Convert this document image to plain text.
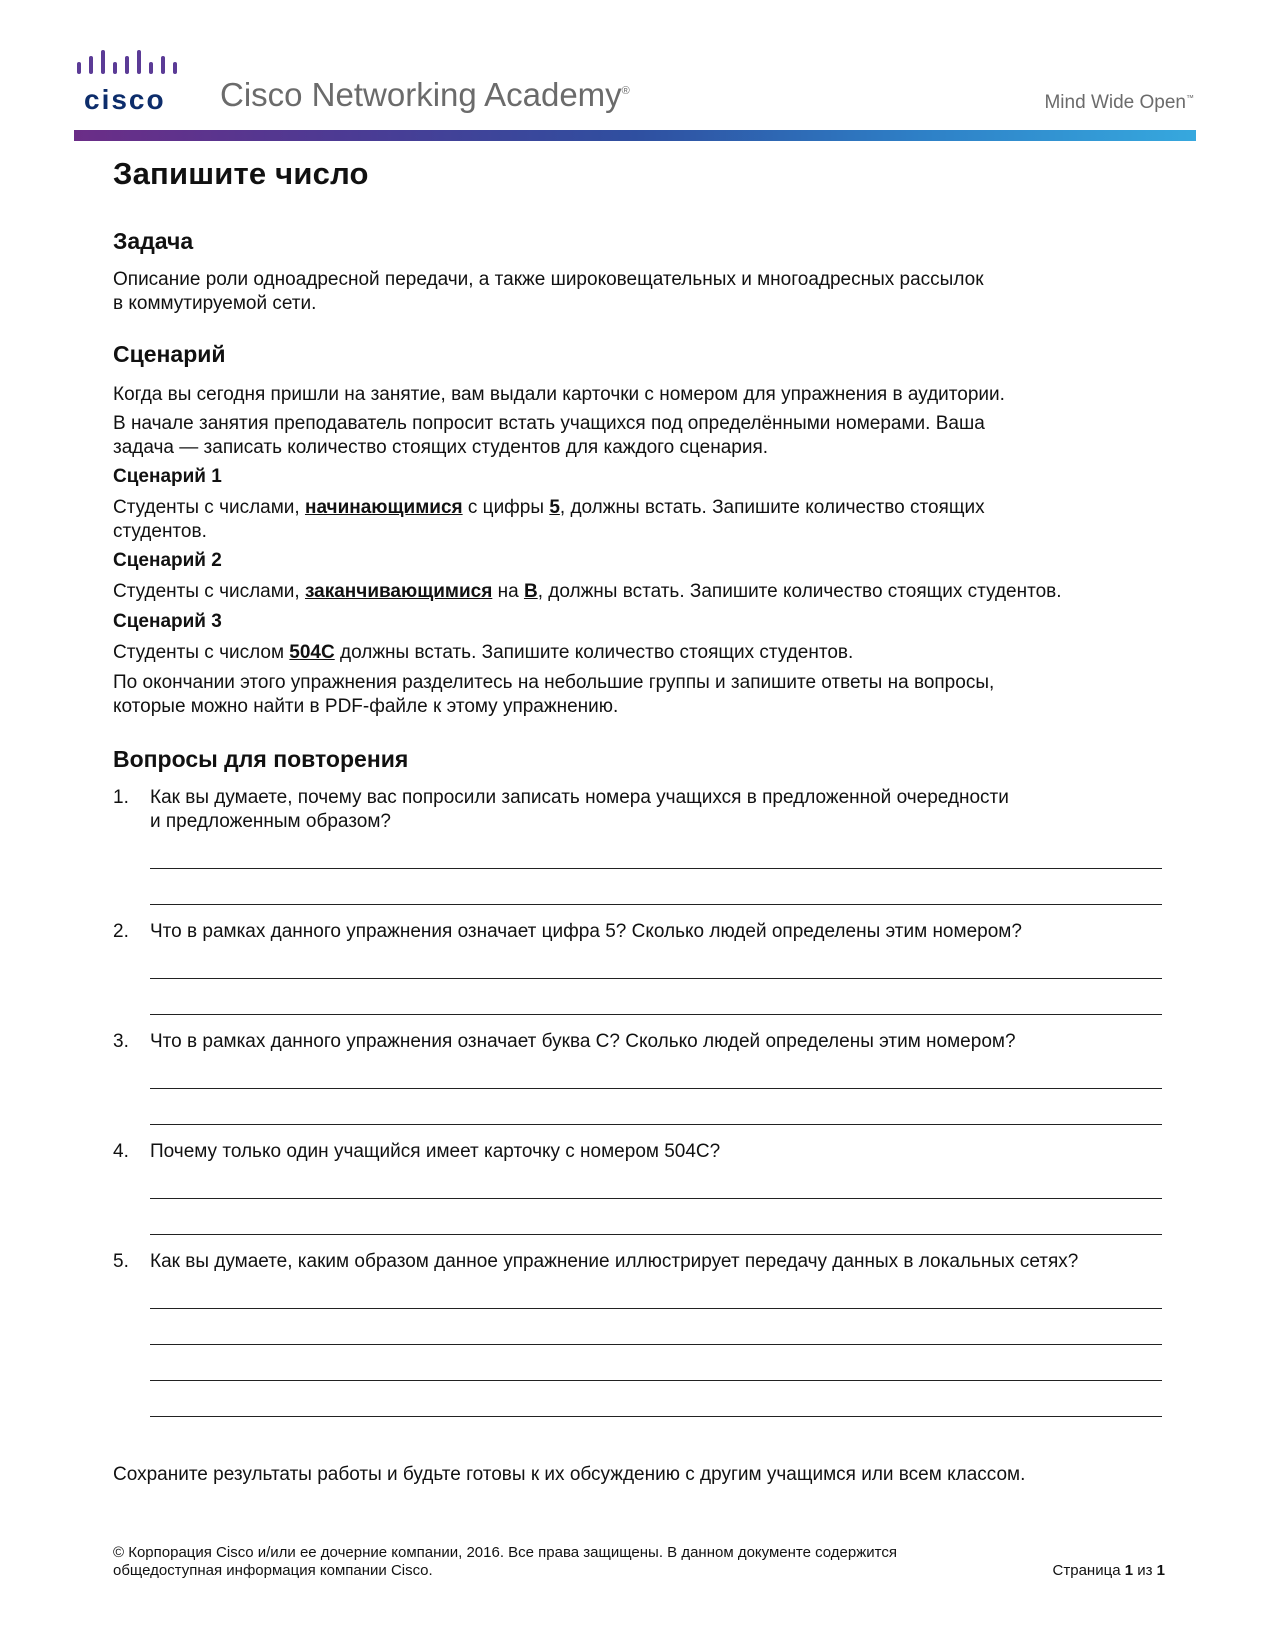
cisco Cisco Networking Academy®
Mind Wide Open™
Запишите число
Задача

Описание роли одноадресной передачи, а также широковещательных и многоадресных рассылок

в коммутируемой сети.

Сценарий

Когда вы сегодня пришли на занятие, вам выдали карточки с номером для упражнения в аудитории.

В начале занятия преподаватель попросит встать учащихся под определёнными номерами. Ваша

задача — записать количество стоящих студентов для каждого сценария.

Сценарий 1

Студенты с числами, начинающимися с цифры 5, должны встать. Запишите количество стоящих

студентов.

Сценарий 2

Студенты с числами, заканчивающимися на В, должны встать. Запишите количество стоящих студентов.

Сценарий 3

Студенты с числом 504С должны встать. Запишите количество стоящих студентов.

По окончании этого упражнения разделитесь на небольшие группы и запишите ответы на вопросы,

которые можно найти в PDF-файле к этому упражнению.

Вопросы для повторения
1. Как вы думаете, почему вас попросили записать номера учащихся в предложенной очередности
и предложенным образом?
2. Что в рамках данного упражнения означает цифра 5? Сколько людей определены этим номером?
3. Что в рамках данного упражнения означает буква С? Сколько людей определены этим номером?
4. Почему только один учащийся имеет карточку с номером 504С?
5. Как вы думаете, каким образом данное упражнение иллюстрирует передачу данных в локальных сетях?

Сохраните результаты работы и будьте готовы к их обсуждению с другим учащимся или всем классом.

© Корпорация Cisco и/или ее дочерние компании, 2016. Все права защищены. В данном документе содержится
общедоступная информация компании Cisco.	Страница 1 из 1
